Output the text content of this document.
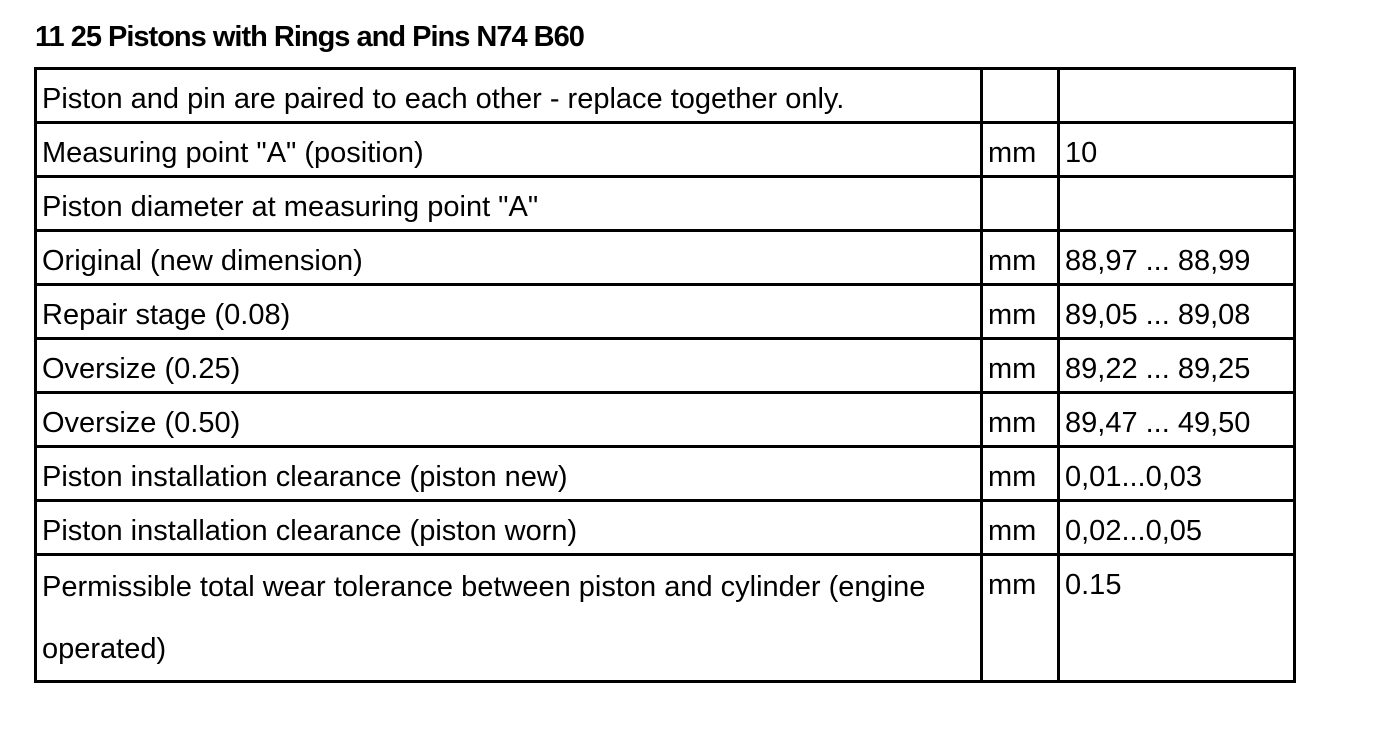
11 25 Pistons with Rings and Pins N74 B60
Piston and pin are paired to each other - replace together only.		
Measuring point "A" (position)	mm	10
Piston diameter at measuring point "A"		
Original (new dimension)	mm	88,97 ... 88,99
Repair stage (0.08)	mm	89,05 ... 89,08
Oversize (0.25)	mm	89,22 ... 89,25
Oversize (0.50)	mm	89,47 ... 49,50
Piston installation clearance (piston new)	mm	0,01...0,03
Piston installation clearance (piston worn)	mm	0,02...0,05
Permissible total wear tolerance between piston and cylinder (engine operated)	mm	0.15
